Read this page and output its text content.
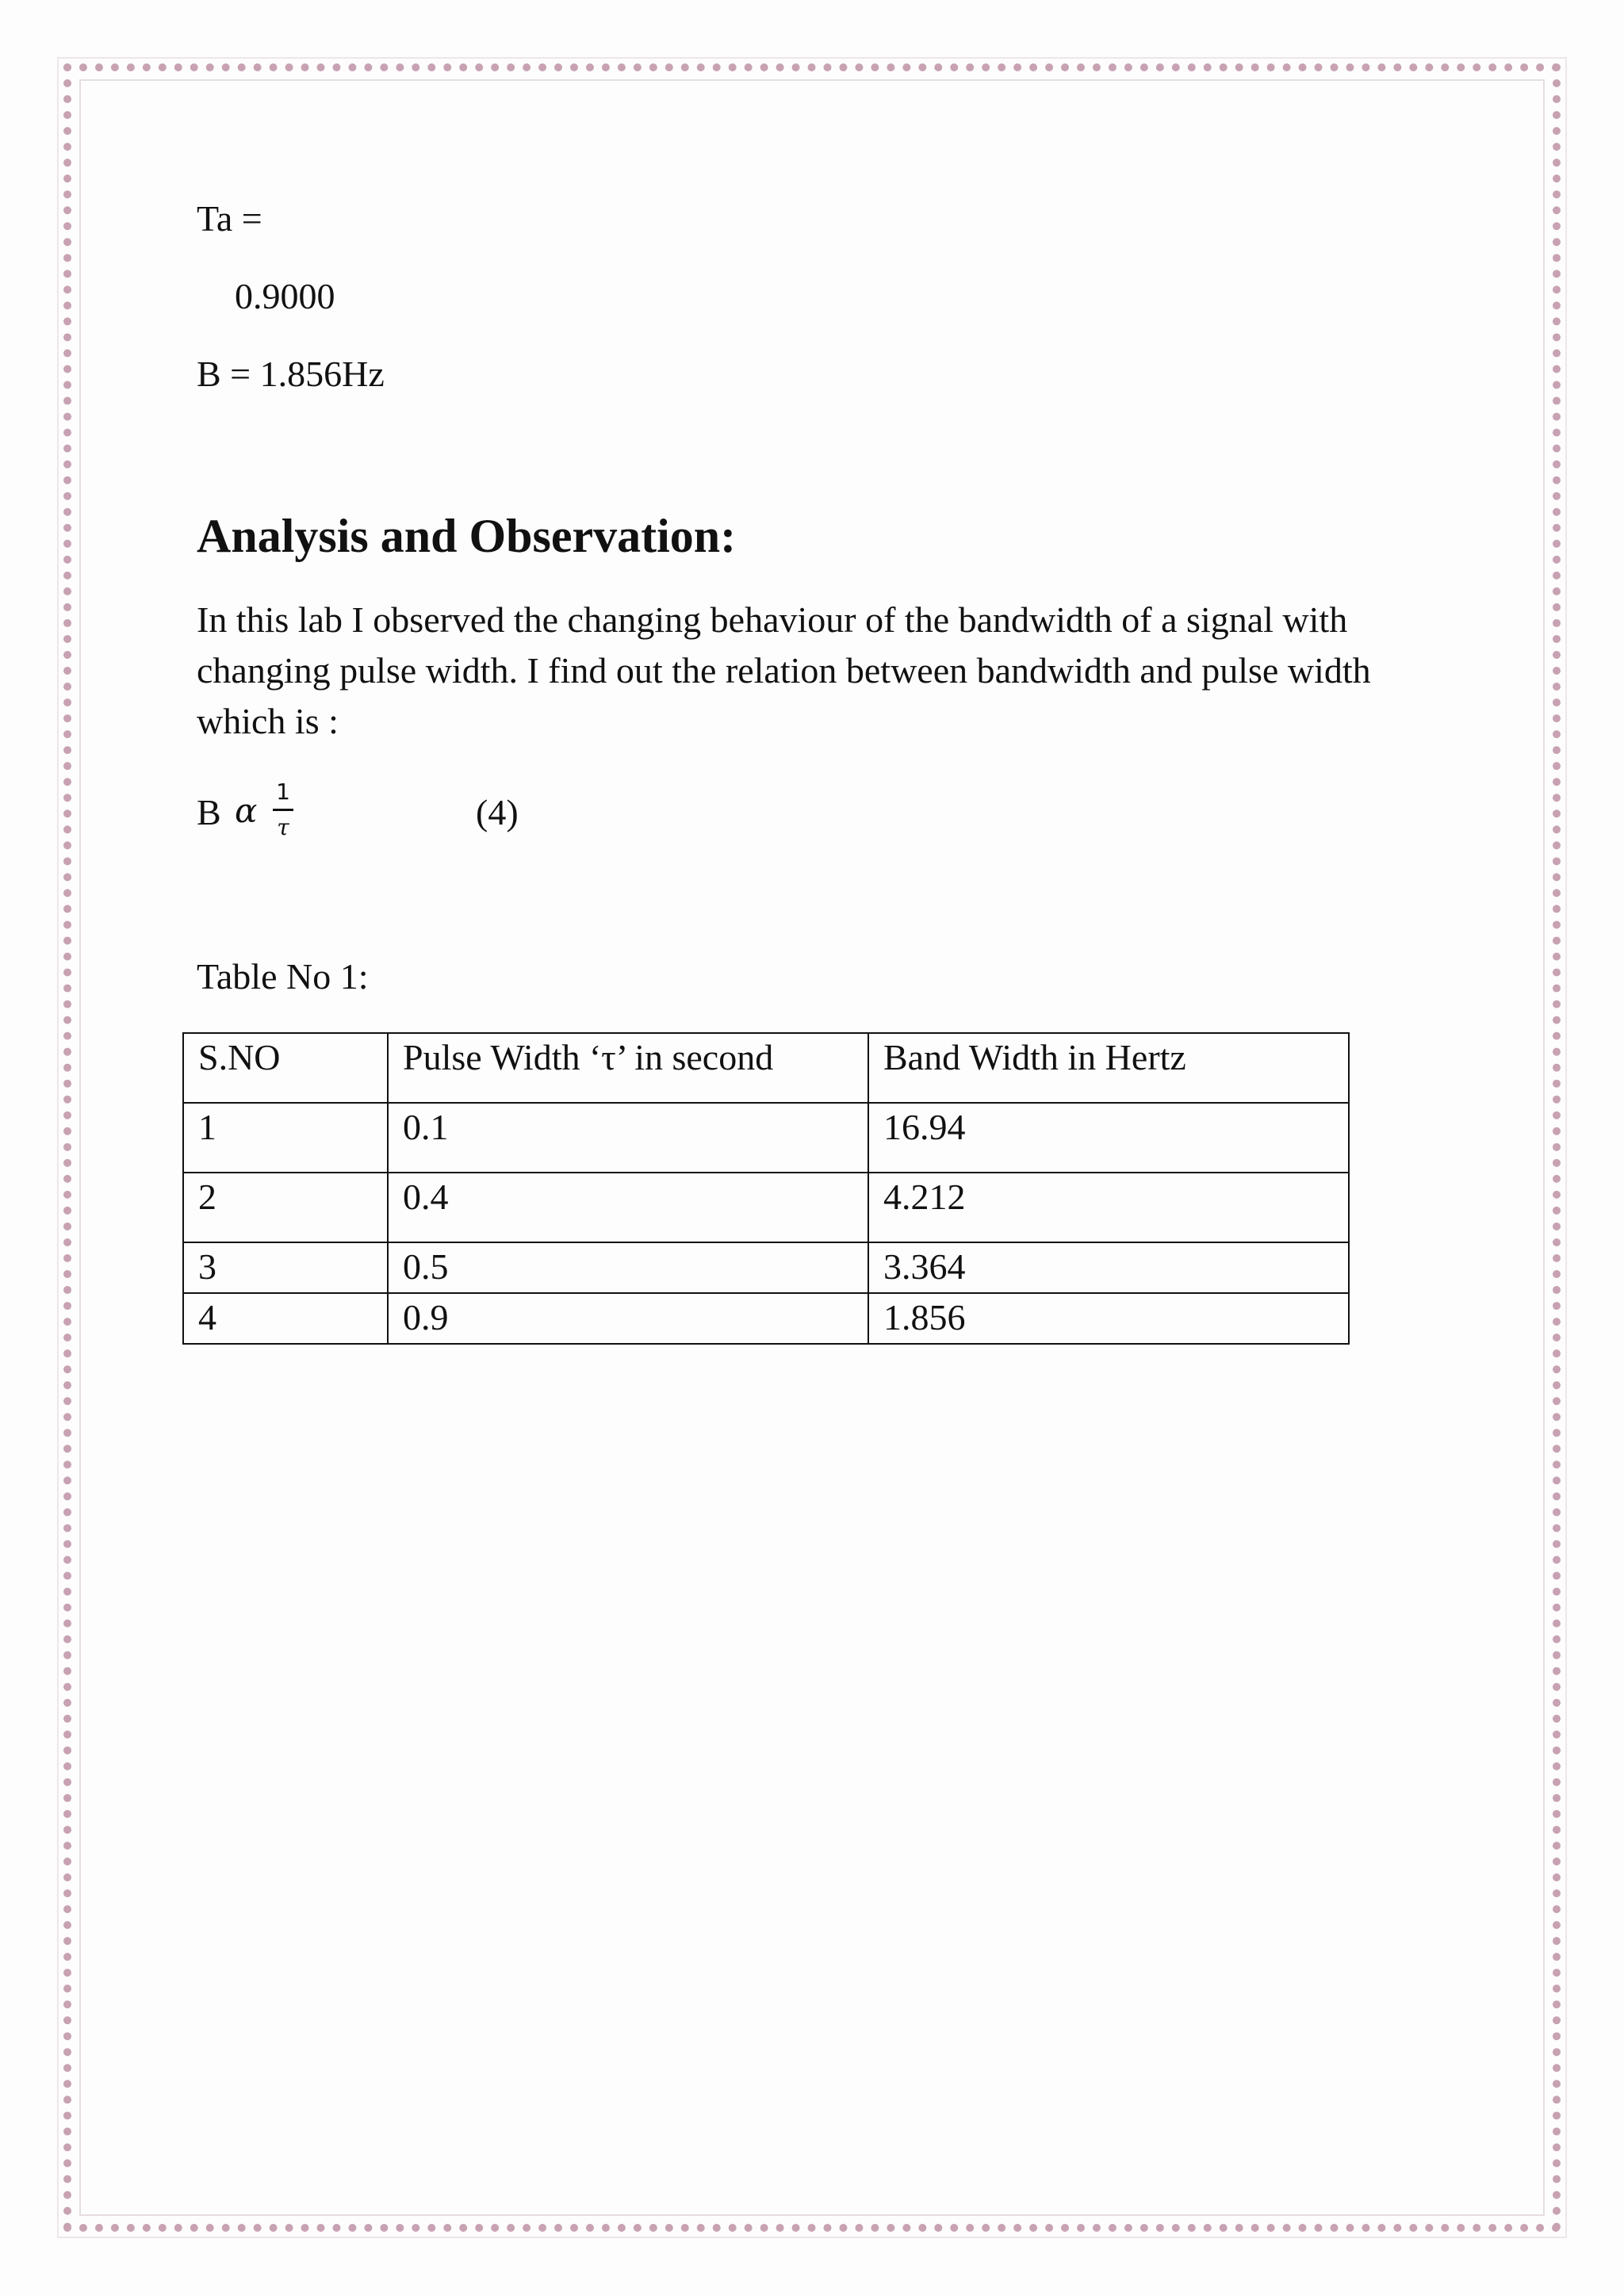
Ta =
0.9000
B = 1.856Hz
Analysis and Observation:
In this lab I observed the changing behaviour of the bandwidth of a signal with changing pulse width. I find out the relation between bandwidth and pulse width which is :
B α 1
τ	(4)
Table No 1:
S.NO	Pulse Width ‘τ’ in second	Band Width in Hertz
1	0.1	16.94
2	0.4	4.212
3	0.5	3.364
4	0.9	1.856
